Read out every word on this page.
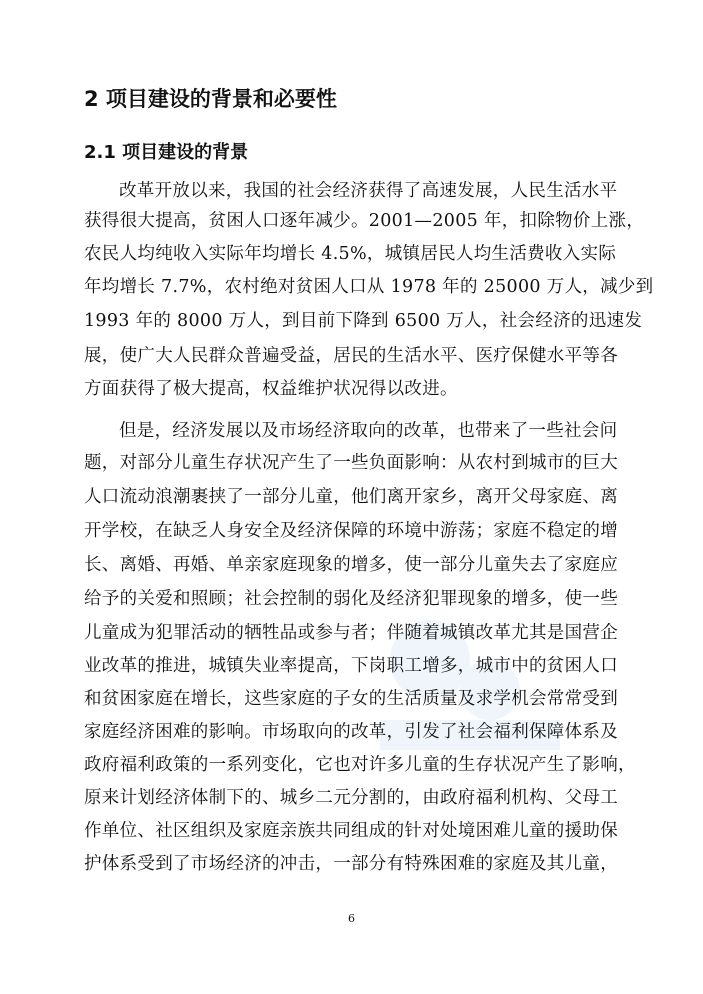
2 项目建设的背景和必要性
2.1 项目建设的背景

改革开放以来，我国的社会经济获得了高速发展，人民生活水平

获得很大提高，贫困人口逐年减少。2001—2005 年，扣除物价上涨，

农民人均纯收入实际年均增长 4.5%，城镇居民人均生活费收入实际

年均增长 7.7%，农村绝对贫困人口从 1978 年的 25000 万人，减少到

1993 年的 8000 万人，到目前下降到 6500 万人，社会经济的迅速发

展，使广大人民群众普遍受益，居民的生活水平、医疗保健水平等各

方面获得了极大提高，权益维护状况得以改进。

但是，经济发展以及市场经济取向的改革，也带来了一些社会问

题，对部分儿童生存状况产生了一些负面影响：从农村到城市的巨大

人口流动浪潮裹挟了一部分儿童，他们离开家乡，离开父母家庭、离

开学校，在缺乏人身安全及经济保障的环境中游荡；家庭不稳定的增

长、离婚、再婚、单亲家庭现象的增多，使一部分儿童失去了家庭应

给予的关爱和照顾；社会控制的弱化及经济犯罪现象的增多，使一些

儿童成为犯罪活动的牺牲品或参与者；伴随着城镇改革尤其是国营企

业改革的推进，城镇失业率提高，下岗职工增多，城市中的贫困人口

和贫困家庭在增长，这些家庭的子女的生活质量及求学机会常常受到

家庭经济困难的影响。市场取向的改革，引发了社会福利保障体系及

政府福利政策的一系列变化，它也对许多儿童的生存状况产生了影响，

原来计划经济体制下的、城乡二元分割的，由政府福利机构、父母工

作单位、社区组织及家庭亲族共同组成的针对处境困难儿童的援助保

护体系受到了市场经济的冲击，一部分有特殊困难的家庭及其儿童，

6
